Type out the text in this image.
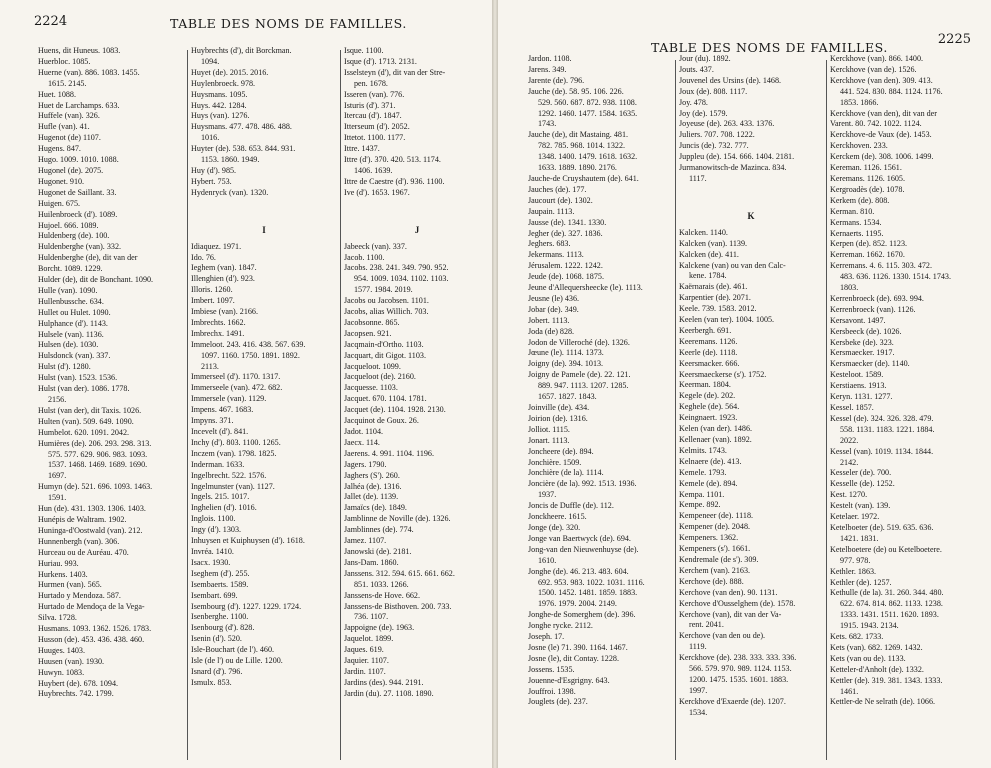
2224	TABLE DES NOMS DE FAMILLES.
Huens, dit Huneus. 1083.
Huerbloc. 1085.
Huerne (van). 886. 1083. 1455.
1615. 2145.
Huet. 1088.
Huet de Larchamps. 633.
Huffele (van). 326.
Hufle (van). 41.
Hugenot (de) 1107.
Hugens. 847.
Hugo. 1009. 1010. 1088.
Hugonel (de). 2075.
Hugonet. 910.
Hugonet de Saillant. 33.
Huigen. 675.
Huilenbroeck (d'). 1089.
Hujoel. 666. 1089.
Huldenberg (de). 100.
Huldenberghe (van). 332.
Huldenberghe (de), dit van der
Borcht. 1089. 1229.
Hulder (de), dit de Bonchant. 1090.
Hulle (van). 1090.
Hullenbussche. 634.
Hullet ou Hulet. 1090.
Hulphance (d'). 1143.
Hulsele (van). 1136.
Hulsen (de). 1030.
Hulsdonck (van). 337.
Hulst (d'). 1280.
Hulst (van). 1523. 1536.
Hulst (van der). 1086. 1778.
2156.
Hulst (van der), dit Taxis. 1026.
Hulten (van). 509. 649. 1090.
Humbelot. 620. 1091. 2042.
Humières (de). 206. 293. 298. 313.
575. 577. 629. 906. 983. 1093.
1537. 1468. 1469. 1689. 1690.
1697.
Humyn (de). 521. 696. 1093. 1463.
1591.
Hun (de). 431. 1303. 1306. 1403.
Hunépis de Waltram. 1902.
Huninga-d'Oostwald (van). 212.
Hunnenbergh (van). 306.
Hurceau ou de Auréau. 470.
Huriau. 993.
Hurkens. 1403.
Hurmen (van). 565.
Hurtado y Mendoza. 587.
Hurtado de Mendoça de la Vega-
Silva. 1728.
Husmans. 1093. 1362. 1526. 1783.
Husson (de). 453. 436. 438. 460.
Huuges. 1403.
Huusen (van). 1930.
Huwyn. 1083.
Huybert (de). 678. 1094.
Huybrechts. 742. 1799.
Huybrechts (d'), dit Borckman.
1094.
Huyet (de). 2015. 2016.
Huylenbroeck. 978.
Huysmans. 1095.
Huys. 442. 1284.
Huys (van). 1276.
Huysmans. 477. 478. 486. 488.
1016.
Huyter (de). 538. 653. 844. 931.
1153. 1860. 1949.
Huy (d'). 985.
Hybert. 753.
Hydenryck (van). 1320.
I
Idiaquez. 1971.
Ido. 76.
Ieghem (van). 1847.
Illenghien (d'). 923.
Illoris. 1260.
Imbert. 1097.
Imbiese (van). 2166.
Imbrechts. 1662.
Imbrechx. 1491.
Immeloot. 243. 416. 438. 567. 639.
1097. 1160. 1750. 1891. 1892.
2113.
Immerseel (d'). 1170. 1317.
Immerseele (van). 472. 682.
Immersele (van). 1129.
Impens. 467. 1683.
Impyns. 371.
Incevelt (d'). 841.
Inchy (d'). 803. 1100. 1265.
Inczem (van). 1798. 1825.
Inderman. 1633.
Ingelbrecht. 522. 1576.
Ingelmunster (van). 1127.
Ingels. 215. 1017.
Inghelien (d'). 1016.
Inglois. 1100.
Ingy (d'). 1303.
Inhuysen et Kuiphuysen (d'). 1618.
Invréa. 1410.
Isacx. 1930.
Iseghem (d'). 255.
Isembaerts. 1589.
Isembart. 699.
Isembourg (d'). 1227. 1229. 1724.
Isenberghe. 1100.
Isenbourg (d'). 828.
Isenin (d'). 520.
Isle-Bouchart (de l'). 460.
Isle (de l') ou de Lille. 1200.
Isnard (d'). 796.
Ismulx. 853.
Isque. 1100.
Isque (d'). 1713. 2131.
Isselsteyn (d'), dit van der Stre-
pen. 1678.
Isseren (van). 776.
Isturis (d'). 371.
Itercau (d'). 1847.
Itterseum (d'). 2052.
Ittetot. 1100. 1177.
Ittre. 1437.
Ittre (d'). 370. 420. 513. 1174.
1406. 1639.
Ittre de Caestre (d'). 936. 1100.
Ive (d'). 1653. 1967.
J
Jabeeck (van). 337.
Jacob. 1100.
Jacobs. 238. 241. 349. 790. 952.
954. 1009. 1034. 1102. 1103.
1577. 1984. 2019.
Jacobs ou Jacobsen. 1101.
Jacobs, alias Willich. 703.
Jacobsonne. 865.
Jacopsen. 921.
Jacqmain-d'Ortho. 1103.
Jacquart, dit Gigot. 1103.
Jacqueloot. 1099.
Jacqueloot (de). 2160.
Jacquesse. 1103.
Jacquet. 670. 1104. 1781.
Jacquet (de). 1104. 1928. 2130.
Jacquinot de Goux. 26.
Jadot. 1104.
Jaecx. 114.
Jaerens. 4. 991. 1104. 1196.
Jagers. 1790.
Jaghers (S'). 260.
Jalhéa (de). 1316.
Jallet (de). 1139.
Jamaïcs (de). 1849.
Jamblinne de Noville (de). 1326.
Jamblinnes (de). 774.
Jamez. 1107.
Janowski (de). 2181.
Jans-Dam. 1860.
Janssens. 312. 594. 615. 661. 662.
851. 1033. 1266.
Janssens-de Hove. 662.
Janssens-de Bisthoven. 200. 733.
736. 1107.
Jappoigne (de). 1963.
Jaquelot. 1899.
Jaques. 619.
Jaquier. 1107.
Jardin. 1107.
Jardins (des). 944. 2191.
Jardin (du). 27. 1108. 1890.
TABLE DES NOMS DE FAMILLES.
2225
Jardon. 1108.
Jarens. 349.
Jarente (de). 796.
Jauche (de). 58. 95. 106. 226.
529. 560. 687. 872. 938. 1108.
1292. 1460. 1477. 1584. 1635.
1743.
Jauche (de), dit Mastaing. 481.
782. 785. 968. 1014. 1322.
1348. 1400. 1479. 1618. 1632.
1633. 1889. 1890. 2176.
Jauche-de Cruyshautem (de). 641.
Jauches (de). 177.
Jaucourt (de). 1302.
Jaupain. 1113.
Jausse (de). 1341. 1330.
Jegher (de). 327. 1836.
Jeghers. 683.
Jekermans. 1113.
Jérusalem. 1222. 1242.
Jeude (de). 1068. 1875.
Jeune d'Allequersheecke (le). 1113.
Jeusne (le) 436.
Jobar (de). 349.
Jobert. 1113.
Joda (de) 828.
Jodon de Villeroché (de). 1326.
Jœune (le). 1114. 1373.
Joigny (de). 394. 1013.
Joigny de Pamele (de). 22. 121.
889. 947. 1113. 1207. 1285.
1657. 1827. 1843.
Joinville (de). 434.
Joirion (de). 1316.
Jolliot. 1115.
Jonart. 1113.
Joncheere (de). 894.
Jonchière. 1509.
Jonchière (de la). 1114.
Joncière (de la). 992. 1513. 1936.
1937.
Joncis de Duffle (de). 112.
Jonckheere. 1615.
Jonge (de). 320.
Jonge van Baertwyck (de). 694.
Jong-van den Nieuwenhuyse (de).
1610.
Jonghe (de). 46. 213. 483. 604.
692. 953. 983. 1022. 1031. 1116.
1500. 1452. 1481. 1859. 1883.
1976. 1979. 2004. 2149.
Jonghe-de Somerghem (de). 396.
Jonghe rycke. 2112.
Joseph. 17.
Josne (le) 71. 390. 1164. 1467.
Josne (le), dit Contay. 1228.
Jossens. 1535.
Jouenne-d'Esgrigny. 643.
Jouffroi. 1398.
Jouglets (de). 237.
Jour (du). 1892.
Jouts. 437.
Jouvenel des Ursins (de). 1468.
Joux (de). 808. 1117.
Joy. 478.
Joy (de). 1579.
Joyeuse (de). 263. 433. 1376.
Juliers. 707. 708. 1222.
Juncis (de). 732. 777.
Juppleu (de). 154. 666. 1404. 2181.
Jurmanowitsch-de Mazinca. 834.
1117.
K
Kalcken. 1140.
Kalcken (van). 1139.
Kalcken (de). 411.
Kalckene (van) ou van den Calc-
kene. 1784.
Kaërnarais (de). 461.
Karpentier (de). 2071.
Keele. 739. 1583. 2012.
Keelen (van ter). 1004. 1005.
Keerbergh. 691.
Keeremans. 1126.
Keerle (de). 1118.
Keersmacker. 666.
Keersmaeckerse (s'). 1752.
Keerman. 1804.
Kegele (de). 202.
Keghele (de). 564.
Keingnaert. 1923.
Kelen (van der). 1486.
Kellenaer (van). 1892.
Kelmits. 1743.
Kelnaere (de). 413.
Kemele. 1793.
Kemele (de). 894.
Kempa. 1101.
Kempe. 892.
Kempeneer (de). 1118.
Kempener (de). 2048.
Kempeners. 1362.
Kempeners (s'). 1661.
Kendremale (de s'). 309.
Kerchem (van). 2163.
Kerchove (de). 888.
Kerchove (van den). 90. 1131.
Kerchove d'Ousselghem (de). 1578.
Kerchove (van), dit van der Va-
rent. 2041.
Kerchove (van den ou de).
1119.
Kerckhove (de). 238. 333. 333. 336.
566. 579. 970. 989. 1124. 1153.
1200. 1475. 1535. 1601. 1883.
1997.
Kerckhove d'Exaerde (de). 1207.
1534.
Kerckhove (van). 866. 1400.
Kerckhove (van de). 1526.
Kerckhove (van den). 309. 413.
441. 524. 830. 884. 1124. 1176.
1853. 1866.
Kerckhove (van den), dit van der
Varent. 80. 742. 1022. 1124.
Kerckhove-de Vaux (de). 1453.
Kerckhoven. 233.
Kerckem (de). 308. 1006. 1499.
Kereman. 1126. 1561.
Keremans. 1126. 1605.
Kergroadès (de). 1078.
Kerkem (de). 808.
Kerman. 810.
Kermans. 1534.
Kernaerts. 1195.
Kerpen (de). 852. 1123.
Kerreman. 1662. 1670.
Kerremans. 4. 6. 115. 303. 472.
483. 636. 1126. 1330. 1514. 1743.
1803.
Kerrenbroeck (de). 693. 994.
Kerrenbroeck (van). 1126.
Kersavont. 1497.
Kersbeeck (de). 1026.
Kersbeke (de). 323.
Kersmaecker. 1917.
Kersmaecker (de). 1140.
Kesteloot. 1589.
Kerstiaens. 1913.
Keryn. 1131. 1277.
Kessel. 1857.
Kessel (de). 324. 326. 328. 479.
558. 1131. 1183. 1221. 1884.
2022.
Kessel (van). 1019. 1134. 1844.
2142.
Kesseler (de). 700.
Kesselle (de). 1252.
Kest. 1270.
Kestelt (van). 139.
Ketelaer. 1972.
Ketelboeter (de). 519. 635. 636.
1421. 1831.
Ketelboetere (de) ou Ketelboetere.
977. 978.
Kethler. 1863.
Kethler (de). 1257.
Kethulle (de la). 31. 260. 344. 480.
622. 674. 814. 862. 1133. 1238.
1333. 1431. 1511. 1620. 1893.
1915. 1943. 2134.
Kets. 682. 1733.
Kets (van). 682. 1269. 1432.
Kets (van ou de). 1133.
Ketteler-d'Anholt (de). 1332.
Kettler (de). 319. 381. 1343. 1333.
1461.
Kettler-de Ne selrath (de). 1066.
